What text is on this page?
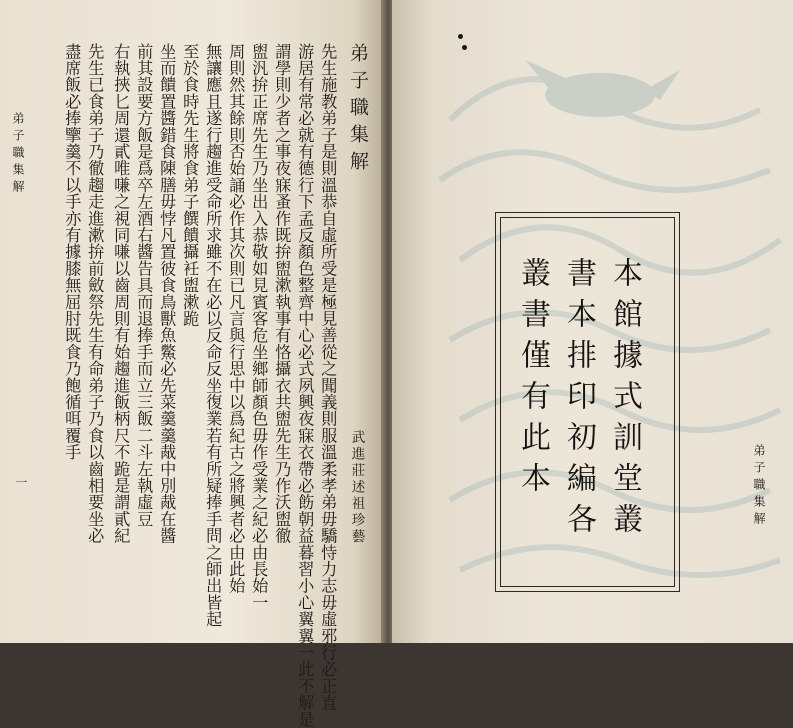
弟子職集解
一	先生施教弟子是則溫恭自虛所受是極見善從之聞義則服溫柔孝弟毋驕恃力志毋虛邪行必正直
游居有常必就有德行下孟反顏色整齊中心必式夙興夜寐衣帶必飭朝益暮習小心翼翼一此不解是
謂學則少者之事夜寐蚤作既拚盥漱執事有恪攝衣共盥先生乃作沃盥徹
盥汎拚正席先生乃坐出入恭敬如見賓客危坐鄉師顏色毋作受業之紀必由長始一
周則然其餘則否始誦必作其次則已凡言與行思中以爲紀古之將興者必由此始
無讓應且遂行趨進受命所求雖不在必以反命反坐復業若有所疑捧手問之師出皆起
至於食時先生將食弟子饌饋攝衽盥漱跪
坐而饋置醬錯食陳膳毋悖凡置彼食鳥獸魚鱉必先菜羹羹胾中別胾在醬
前其設要方飯是爲卒左酒右醬告具而退捧手而立三飯二斗左執虛豆
右執挾匕周還貳唯嗛之視同嗛以齒周則有始趨進飯柄尺不跪是謂貳紀
先生已食弟子乃徹趨走進漱拚前斂祭先生有命弟子乃食以齒相要坐必
盡席飯必捧擥羹不以手亦有據膝無屈肘既食乃飽循咡覆手	弟子職集解
武進莊述祖珍藝	本館據式訓堂叢
書本排印初編各
叢書僅有此本	弟子職集解
